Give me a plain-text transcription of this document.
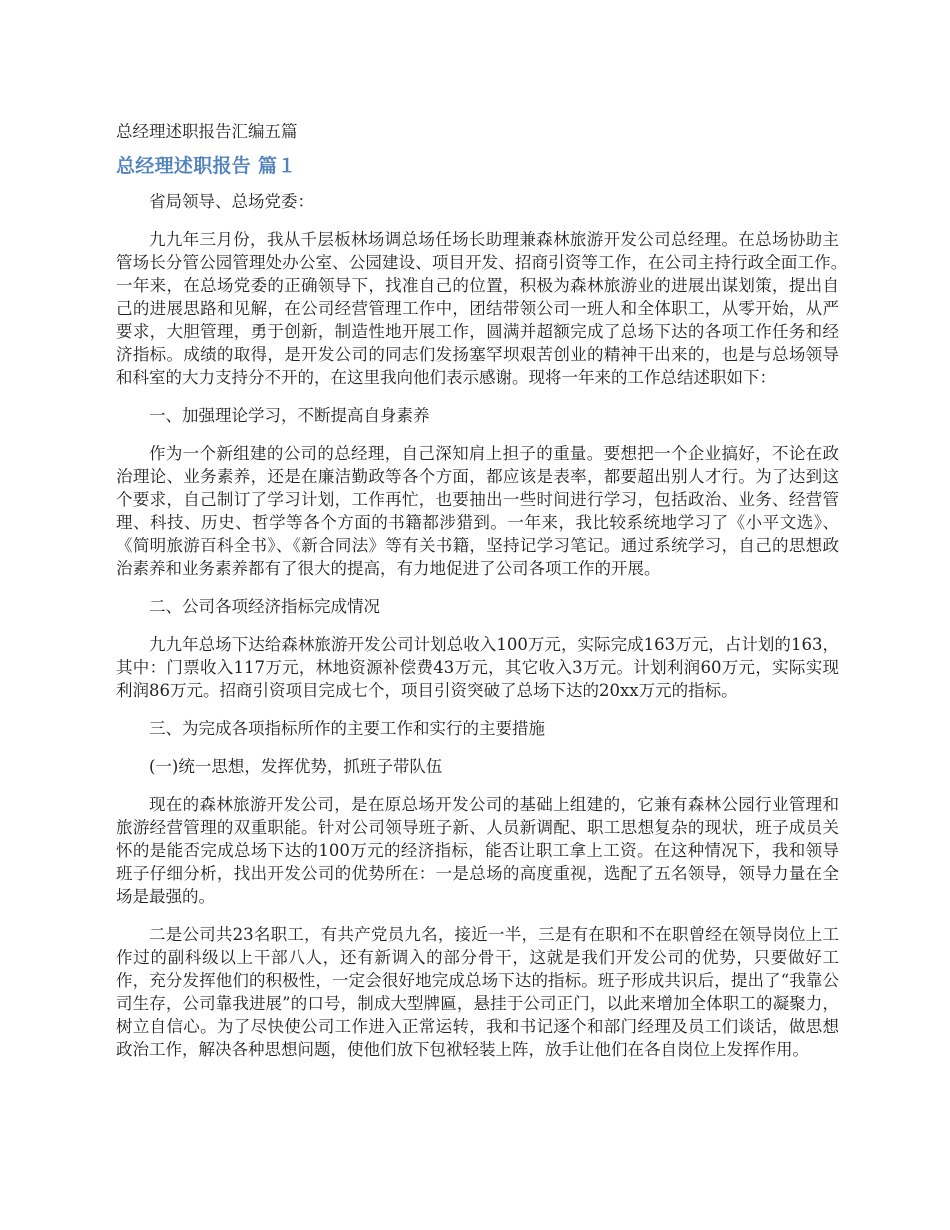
总经理述职报告汇编五篇
总经理述职报告 篇１

省局领导、总场党委：

九九年三月份，我从千层板林场调总场任场长助理兼森林旅游开发公司总经理。在总场协助主管场长分管公园管理处办公室、公园建设、项目开发、招商引资等工作，在公司主持行政全面工作。　　一年来，在总场党委的正确领导下，找准自己的位置，积极为森林旅游业的进展出谋划策，提出自己的进展思路和见解，在公司经营管理工作中，团结带领公司一班人和全体职工，从零开始，从严要求，大胆管理，勇于创新，制造性地开展工作，圆满并超额完成了总场下达的各项工作任务和经济指标。成绩的取得，是开发公司的同志们发扬塞罕坝艰苦创业的精神干出来的，也是与总场领导和科室的大力支持分不开的，在这里我向他们表示感谢。现将一年来的工作总结述职如下：

一、加强理论学习，不断提高自身素养

作为一个新组建的公司的总经理，自己深知肩上担子的重量。要想把一个企业搞好，不论在政治理论、业务素养，还是在廉洁勤政等各个方面，都应该是表率，都要超出别人才行。为了达到这个要求，自己制订了学习计划，工作再忙，也要抽出一些时间进行学习，包括政治、业务、经营管理、科技、历史、哲学等各个方面的书籍都涉猎到。一年来，我比较系统地学习了《小平文选》、《简明旅游百科全书》、《新合同法》等有关书籍，坚持记学习笔记。通过系统学习，自己的思想政治素养和业务素养都有了很大的提高，有力地促进了公司各项工作的开展。

二、公司各项经济指标完成情况

九九年总场下达给森林旅游开发公司计划总收入100万元，实际完成163万元，占计划的163，其中：门票收入117万元，林地资源补偿费43万元，其它收入3万元。计划利润60万元，实际实现利润86万元。招商引资项目完成七个，项目引资突破了总场下达的20xx万元的指标。

三、为完成各项指标所作的主要工作和实行的主要措施

(一)统一思想，发挥优势，抓班子带队伍

现在的森林旅游开发公司，是在原总场开发公司的基础上组建的，它兼有森林公园行业管理和旅游经营管理的双重职能。针对公司领导班子新、人员新调配、职工思想复杂的现状，班子成员关怀的是能否完成总场下达的100万元的经济指标，能否让职工拿上工资。在这种情况下，我和领导班子仔细分析，找出开发公司的优势所在：一是总场的高度重视，选配了五名领导，领导力量在全场是最强的。

二是公司共23名职工，有共产党员九名，接近一半，三是有在职和不在职曾经在领导岗位上工作过的副科级以上干部八人，还有新调入的部分骨干，这就是我们开发公司的优势，只要做好工作，充分发挥他们的积极性，一定会很好地完成总场下达的指标。班子形成共识后，提出了“我靠公司生存，公司靠我进展”的口号，制成大型牌匾，悬挂于公司正门，以此来增加全体职工的凝聚力，树立自信心。为了尽快使公司工作进入正常运转，我和书记逐个和部门经理及员工们谈话，做思想政治工作，解决各种思想问题，使他们放下包袱轻装上阵，放手让他们在各自岗位上发挥作用。
